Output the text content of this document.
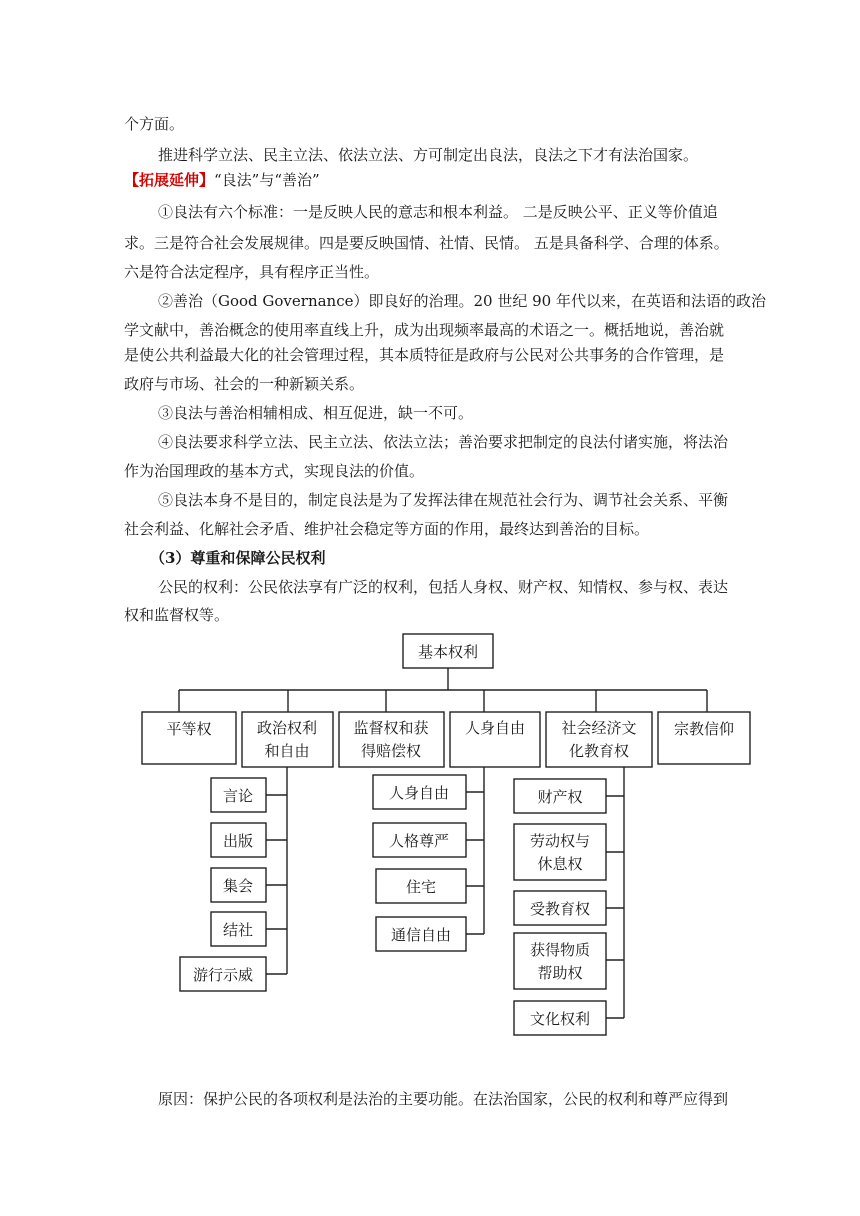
个方面。
推进科学立法、民主立法、依法立法、方可制定出良法，良法之下才有法治国家。
【拓展延伸】“良法”与“善治”
①良法有六个标准：一是反映人民的意志和根本利益。 二是反映公平、正义等价值追
求。三是符合社会发展规律。四是要反映国情、社情、民情。 五是具备科学、合理的体系。
六是符合法定程序，具有程序正当性。
②善治（Good Governance）即良好的治理。20 世纪 90 年代以来，在英语和法语的政治
学文献中，善治概念的使用率直线上升，成为出现频率最高的术语之一。概括地说，善治就
是使公共利益最大化的社会管理过程，其本质特征是政府与公民对公共事务的合作管理，是
政府与市场、社会的一种新颖关系。
③良法与善治相辅相成、相互促进，缺一不可。
④良法要求科学立法、民主立法、依法立法；善治要求把制定的良法付诸实施，将法治
作为治国理政的基本方式，实现良法的价值。
⑤良法本身不是目的，制定良法是为了发挥法律在规范社会行为、调节社会关系、平衡
社会利益、化解社会矛盾、维护社会稳定等方面的作用，最终达到善治的目标。
（3）尊重和保障公民权利
公民的权利：公民依法享有广泛的权利，包括人身权、财产权、知情权、参与权、表达
权和监督权等。
原因：保护公民的各项权利是法治的主要功能。在法治国家，公民的权利和尊严应得到
基本权利
平等权	政治权利
和自由
监督权和获
得赔偿权
人身自由 社会经济文
化教育权
宗教信仰
言论
出版
集会
结社
游行示威
人身自由
人格尊严
住宅
通信自由
财产权
劳动权与
休息权
受教育权
获得物质
帮助权
文化权利
